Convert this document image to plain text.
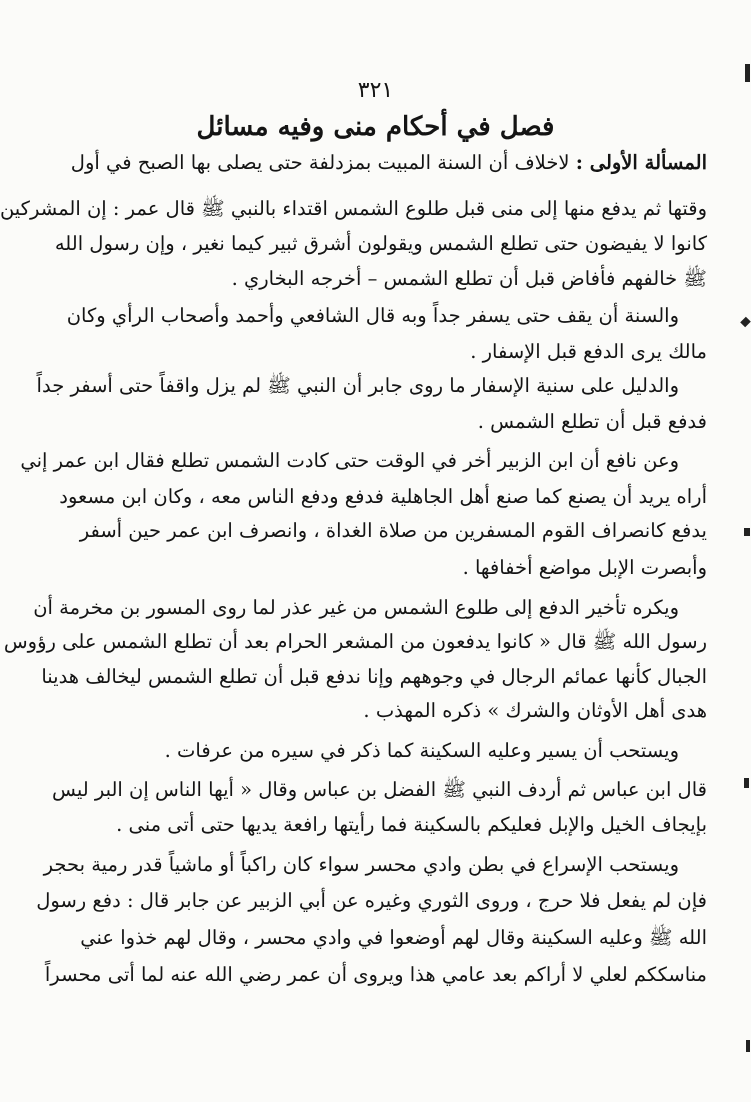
٣٢١
فصل في أحكام منى وفيه مسائل
المسألة الأولى : لاخلاف أن السنة المبيت بمزدلفة حتى يصلى بها الصبح في أول
وقتها ثم يدفع منها إلى منى قبل طلوع الشمس اقتداء بالنبي ﷺ قال عمر : إن المشركين
كانوا لا يفيضون حتى تطلع الشمس ويقولون أشرق ثبير كيما نغير ، وإن رسول الله
ﷺ خالفهم فأفاض قبل أن تطلع الشمس – أخرجه البخاري .
والسنة أن يقف حتى يسفر جداً وبه قال الشافعي وأحمد وأصحاب الرأي وكان
مالك يرى الدفع قبل الإسفار .
والدليل على سنية الإسفار ما روى جابر أن النبي ﷺ لم يزل واقفاً حتى أسفر جداً
فدفع قبل أن تطلع الشمس .
وعن نافع أن ابن الزبير أخر في الوقت حتى كادت الشمس تطلع فقال ابن عمر إني
أراه يريد أن يصنع كما صنع أهل الجاهلية فدفع ودفع الناس معه ، وكان ابن مسعود
يدفع كانصراف القوم المسفرين من صلاة الغداة ، وانصرف ابن عمر حين أسفر
وأبصرت الإبل مواضع أخفافها .
ويكره تأخير الدفع إلى طلوع الشمس من غير عذر لما روى المسور بن مخرمة أن
رسول الله ﷺ قال « كانوا يدفعون من المشعر الحرام بعد أن تطلع الشمس على رؤوس
الجبال كأنها عمائم الرجال في وجوههم وإنا ندفع قبل أن تطلع الشمس ليخالف هدينا
هدى أهل الأوثان والشرك » ذكره المهذب .
ويستحب أن يسير وعليه السكينة كما ذكر في سيره من عرفات .
قال ابن عباس ثم أردف النبي ﷺ الفضل بن عباس وقال « أيها الناس إن البر ليس
بإيجاف الخيل والإبل فعليكم بالسكينة فما رأيتها رافعة يديها حتى أتى منى .
ويستحب الإسراع في بطن وادي محسر سواء كان راكباً أو ماشياً قدر رمية بحجر
فإن لم يفعل فلا حرج ، وروى الثوري وغيره عن أبي الزبير عن جابر قال : دفع رسول
الله ﷺ وعليه السكينة وقال لهم أوضعوا في وادي محسر ، وقال لهم خذوا عني
مناسككم لعلي لا أراكم بعد عامي هذا ويروى أن عمر رضي الله عنه لما أتى محسراً
